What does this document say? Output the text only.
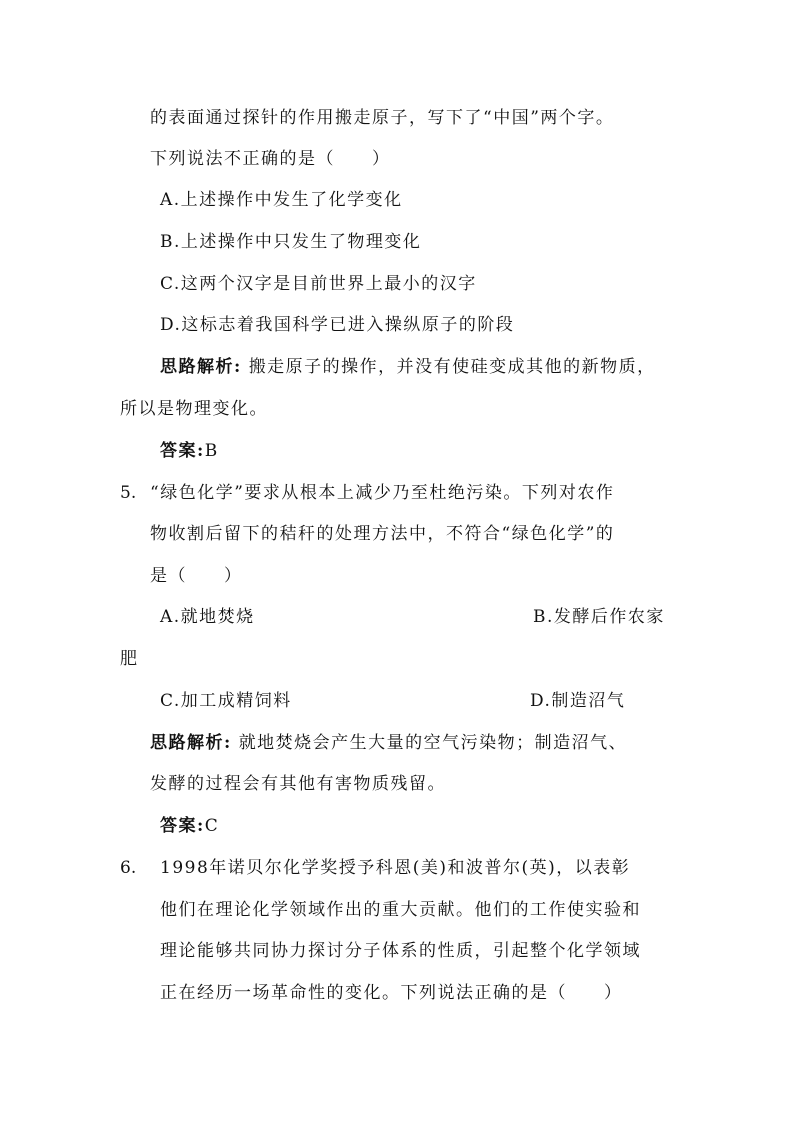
的表面通过探针的作用搬走原子，写下了“中国”两个字。
下列说法不正确的是（　　）
A.上述操作中发生了化学变化
B.上述操作中只发生了物理变化
C.这两个汉字是目前世界上最小的汉字
D.这标志着我国科学已进入操纵原子的阶段
思路解析: 搬走原子的操作，并没有使硅变成其他的新物质，
所以是物理变化。
答案:B
5. “绿色化学”要求从根本上减少乃至杜绝污染。下列对农作
物收割后留下的秸秆的处理方法中，不符合“绿色化学”的
是（　　）
A.就地焚烧	B.发酵后作农家
肥
C.加工成精饲料	D.制造沼气
思路解析: 就地焚烧会产生大量的空气污染物；制造沼气、
发酵的过程会有其他有害物质残留。
答案:C
6. 1998年诺贝尔化学奖授予科恩(美)和波普尔(英)，以表彰
他们在理论化学领域作出的重大贡献。他们的工作使实验和
理论能够共同协力探讨分子体系的性质，引起整个化学领域
正在经历一场革命性的变化。下列说法正确的是（　　）
